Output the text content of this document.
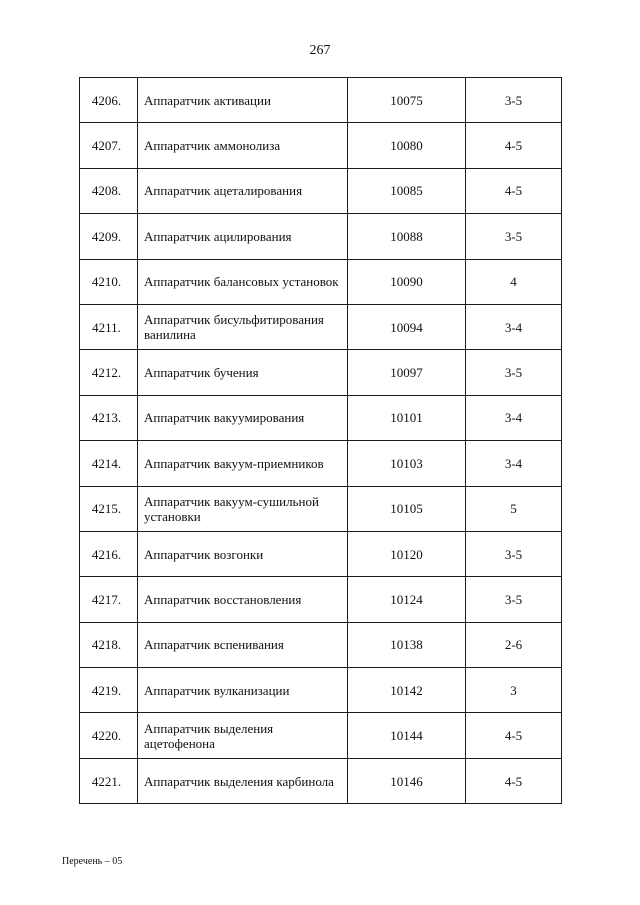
267
4206.	Аппаратчик активации	10075	3-5
4207.	Аппаратчик аммонолиза	10080	4-5
4208.	Аппаратчик ацеталирования	10085	4-5
4209.	Аппаратчик ацилирования	10088	3-5
4210.	Аппаратчик балансовых установок	10090	4
4211.	Аппаратчик бисульфитирования ванилина	10094	3-4
4212.	Аппаратчик бучения	10097	3-5
4213.	Аппаратчик вакуумирования	10101	3-4
4214.	Аппаратчик вакуум-приемников	10103	3-4
4215.	Аппаратчик вакуум-сушильной установки	10105	5
4216.	Аппаратчик возгонки	10120	3-5
4217.	Аппаратчик восстановления	10124	3-5
4218.	Аппаратчик вспенивания	10138	2-6
4219.	Аппаратчик вулканизации	10142	3
4220.	Аппаратчик выделения ацетофенона	10144	4-5
4221.	Аппаратчик выделения карбинола	10146	4-5
Перечень – 05
